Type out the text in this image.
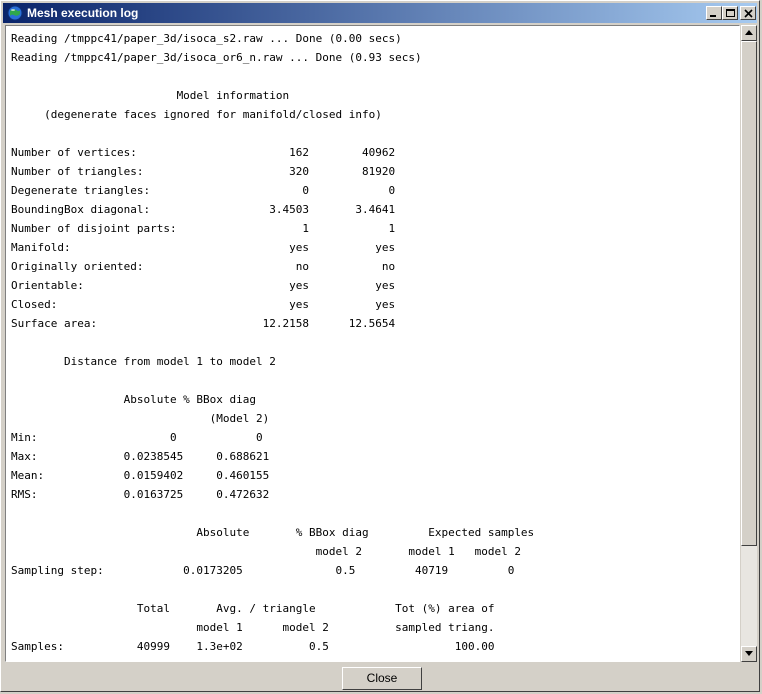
Mesh execution log
Reading /tmppc41/paper_3d/isoca_s2.raw ... Done (0.00 secs)
Reading /tmppc41/paper_3d/isoca_or6_n.raw ... Done (0.93 secs)
Model information
(degenerate faces ignored for manifold/closed info)
Number of vertices:                       162        40962
Number of triangles:                      320        81920
Degenerate triangles:                       0            0
BoundingBox diagonal:                  3.4503       3.4641
Number of disjoint parts:                   1            1
Manifold:                                 yes          yes
Originally oriented:                       no           no
Orientable:                               yes          yes
Closed:                                   yes          yes
Surface area:                         12.2158      12.5654
Distance from model 1 to model 2
Absolute % BBox diag
(Model 2)
Min:                    0            0
Max:             0.0238545     0.688621
Mean:            0.0159402     0.460155
RMS:             0.0163725     0.472632
Absolute       % BBox diag         Expected samples
model 2       model 1   model 2
Sampling step:            0.0173205              0.5         40719         0
Total       Avg. / triangle            Tot (%) area of
model 1      model 2          sampled triang.
Samples:           40999    1.3e+02          0.5                   100.00
Close
